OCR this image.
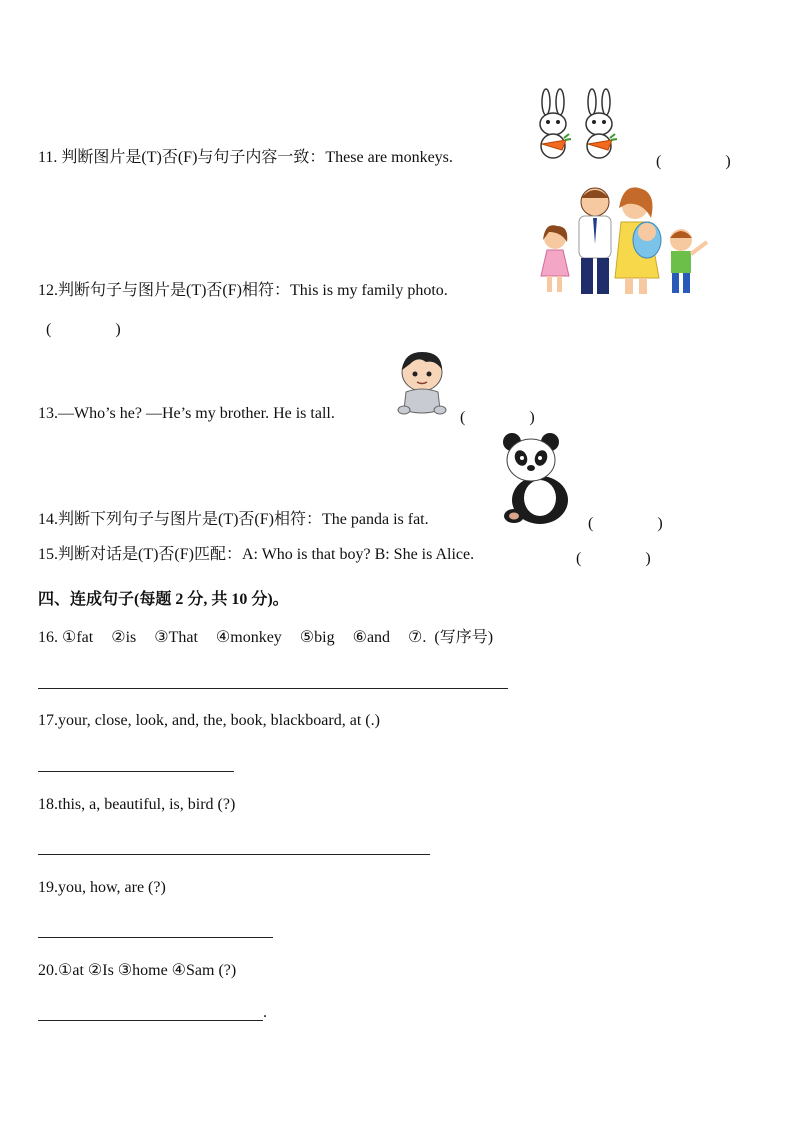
11. 判断图片是(T)否(F)与句子内容一致：These are monkeys.	(　　　　)
12.判断句子与图片是(T)否(F)相符：This is my family photo.
(　　　　)
13.—Who’s he? —He’s my brother. He is tall.	(　　　　)
14.判断下列句子与图片是(T)否(F)相符：The panda is fat.	(　　　　)
15.判断对话是(T)否(F)匹配：A: Who is that boy? B: She is Alice.	(　　　　)
四、连成句子(每题 2 分, 共 10 分)。
16. ①fat ②is ③That ④monkey ⑤big ⑥and ⑦. (写序号)
17.your, close, look, and, the, book, blackboard, at (.)
18.this, a, beautiful, is, bird (?)
19.you, how, are (?)
20.①at ②Is ③home ④Sam (?)
.
